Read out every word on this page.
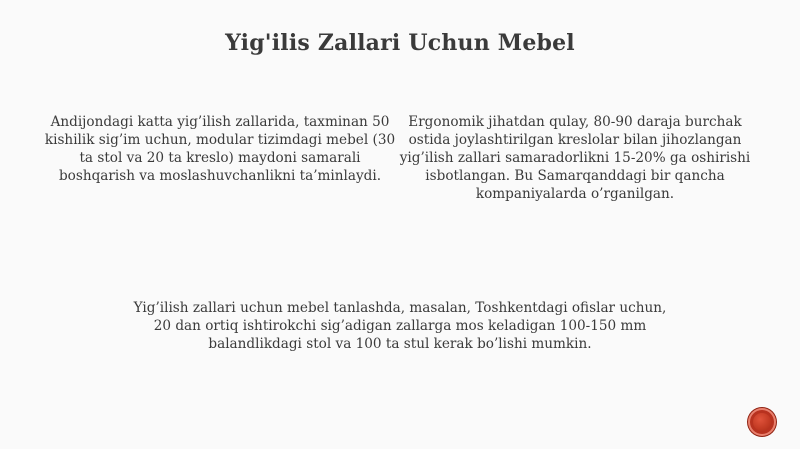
Yig'ilis Zallari Uchun Mebel
Andijondagi katta yig’ilish zallarida, taxminan 50 kishilik sig’im uchun, modular tizimdagi mebel (30 ta stol va 20 ta kreslo) maydoni samarali boshqarish va moslashuvchanlikni ta’minlaydi.
Ergonomik jihatdan qulay, 80-90 daraja burchak ostida joylashtirilgan kreslolar bilan jihozlangan yig’ilish zallari samaradorlikni 15-20% ga oshirishi isbotlangan. Bu Samarqanddagi bir qancha kompaniyalarda o’rganilgan.
Yig’ilish zallari uchun mebel tanlashda, masalan, Toshkentdagi ofislar uchun, 20 dan ortiq ishtirokchi sig’adigan zallarga mos keladigan 100-150 mm balandlikdagi stol va 100 ta stul kerak bo’lishi mumkin.
